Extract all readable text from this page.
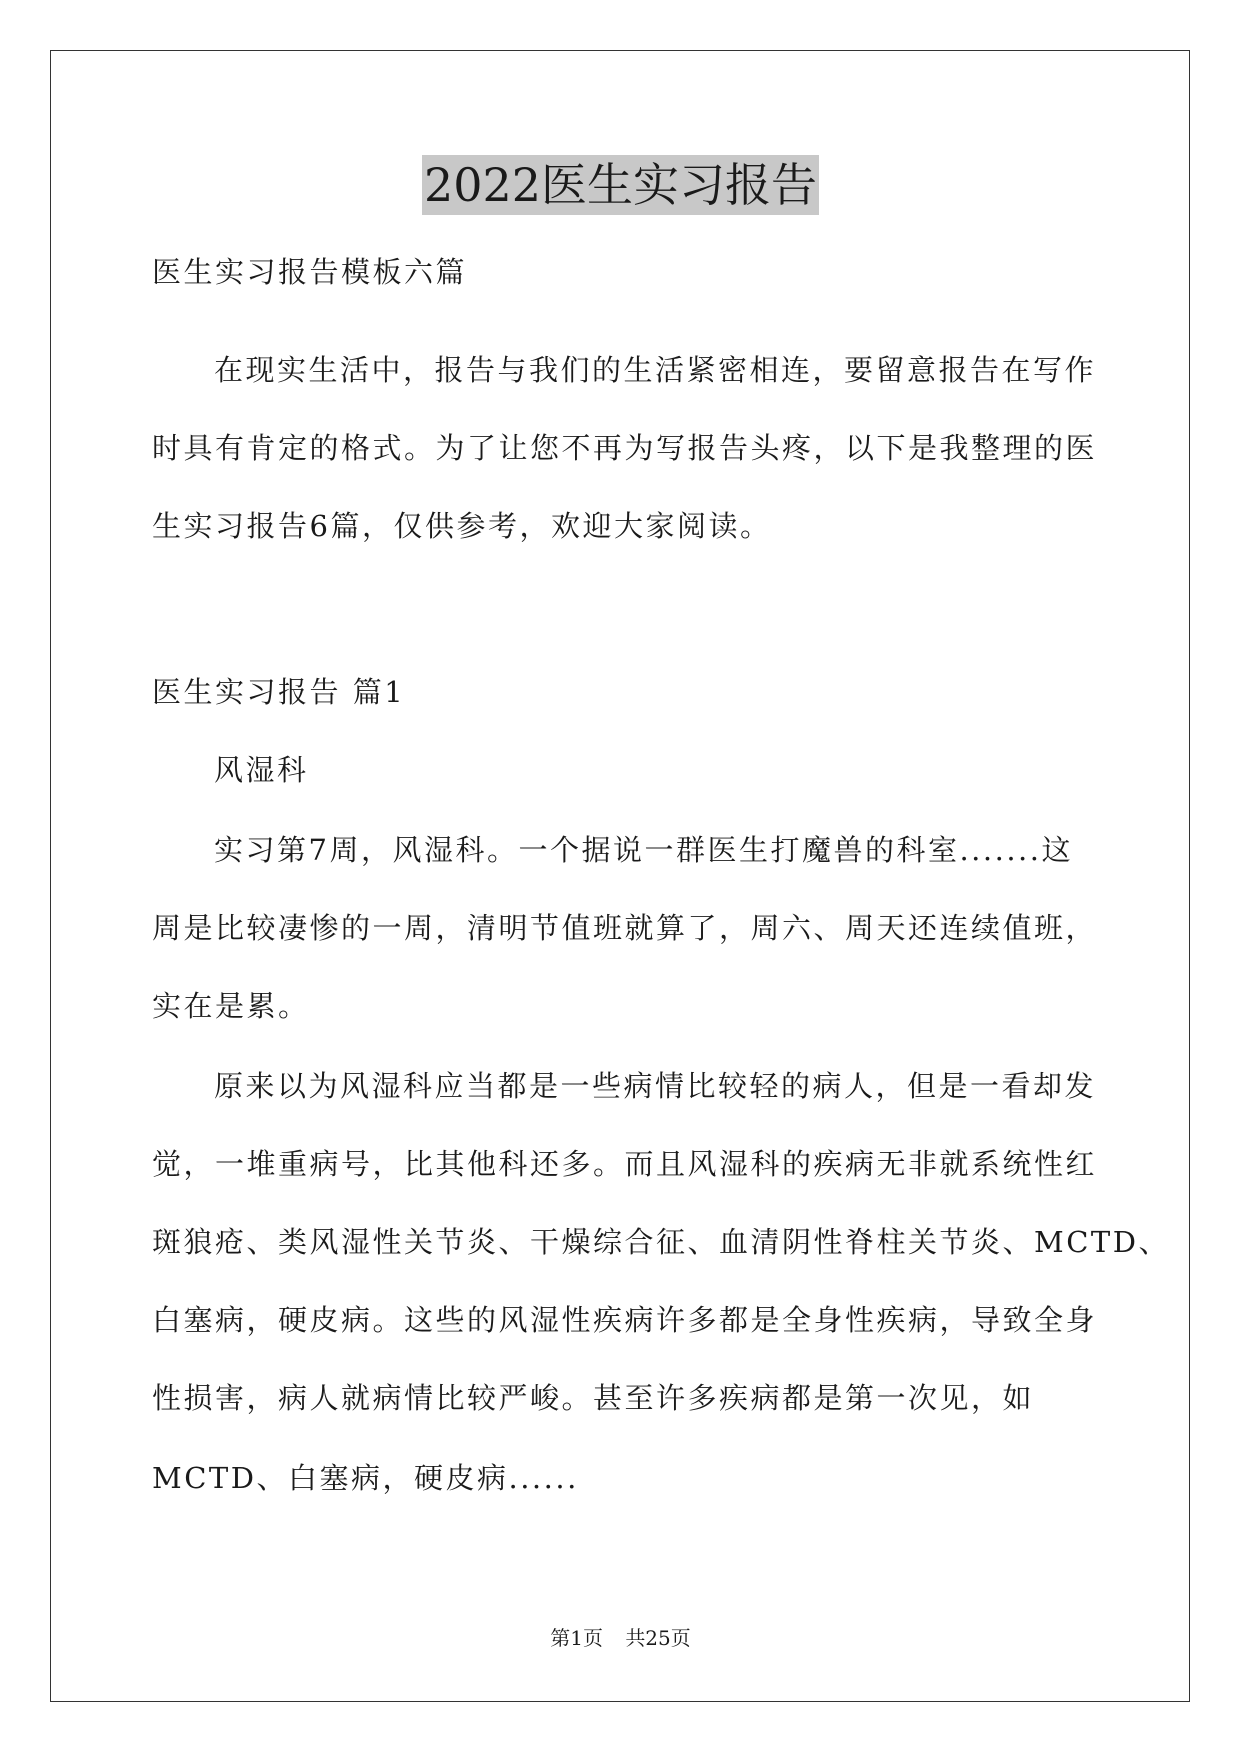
2022医生实习报告
医生实习报告模板六篇
在现实生活中，报告与我们的生活紧密相连，要留意报告在写作
时具有肯定的格式。为了让您不再为写报告头疼，以下是我整理的医
生实习报告6篇，仅供参考，欢迎大家阅读。
医生实习报告 篇1
风湿科
实习第7周，风湿科。一个据说一群医生打魔兽的科室.......这
周是比较凄惨的一周，清明节值班就算了，周六、周天还连续值班，
实在是累。
原来以为风湿科应当都是一些病情比较轻的病人，但是一看却发
觉，一堆重病号，比其他科还多。而且风湿科的疾病无非就系统性红
斑狼疮、类风湿性关节炎、干燥综合征、血清阴性脊柱关节炎、MCTD、
白塞病，硬皮病。这些的风湿性疾病许多都是全身性疾病，导致全身
性损害，病人就病情比较严峻。甚至许多疾病都是第一次见，如
MCTD、白塞病，硬皮病......
第1页 共25页
